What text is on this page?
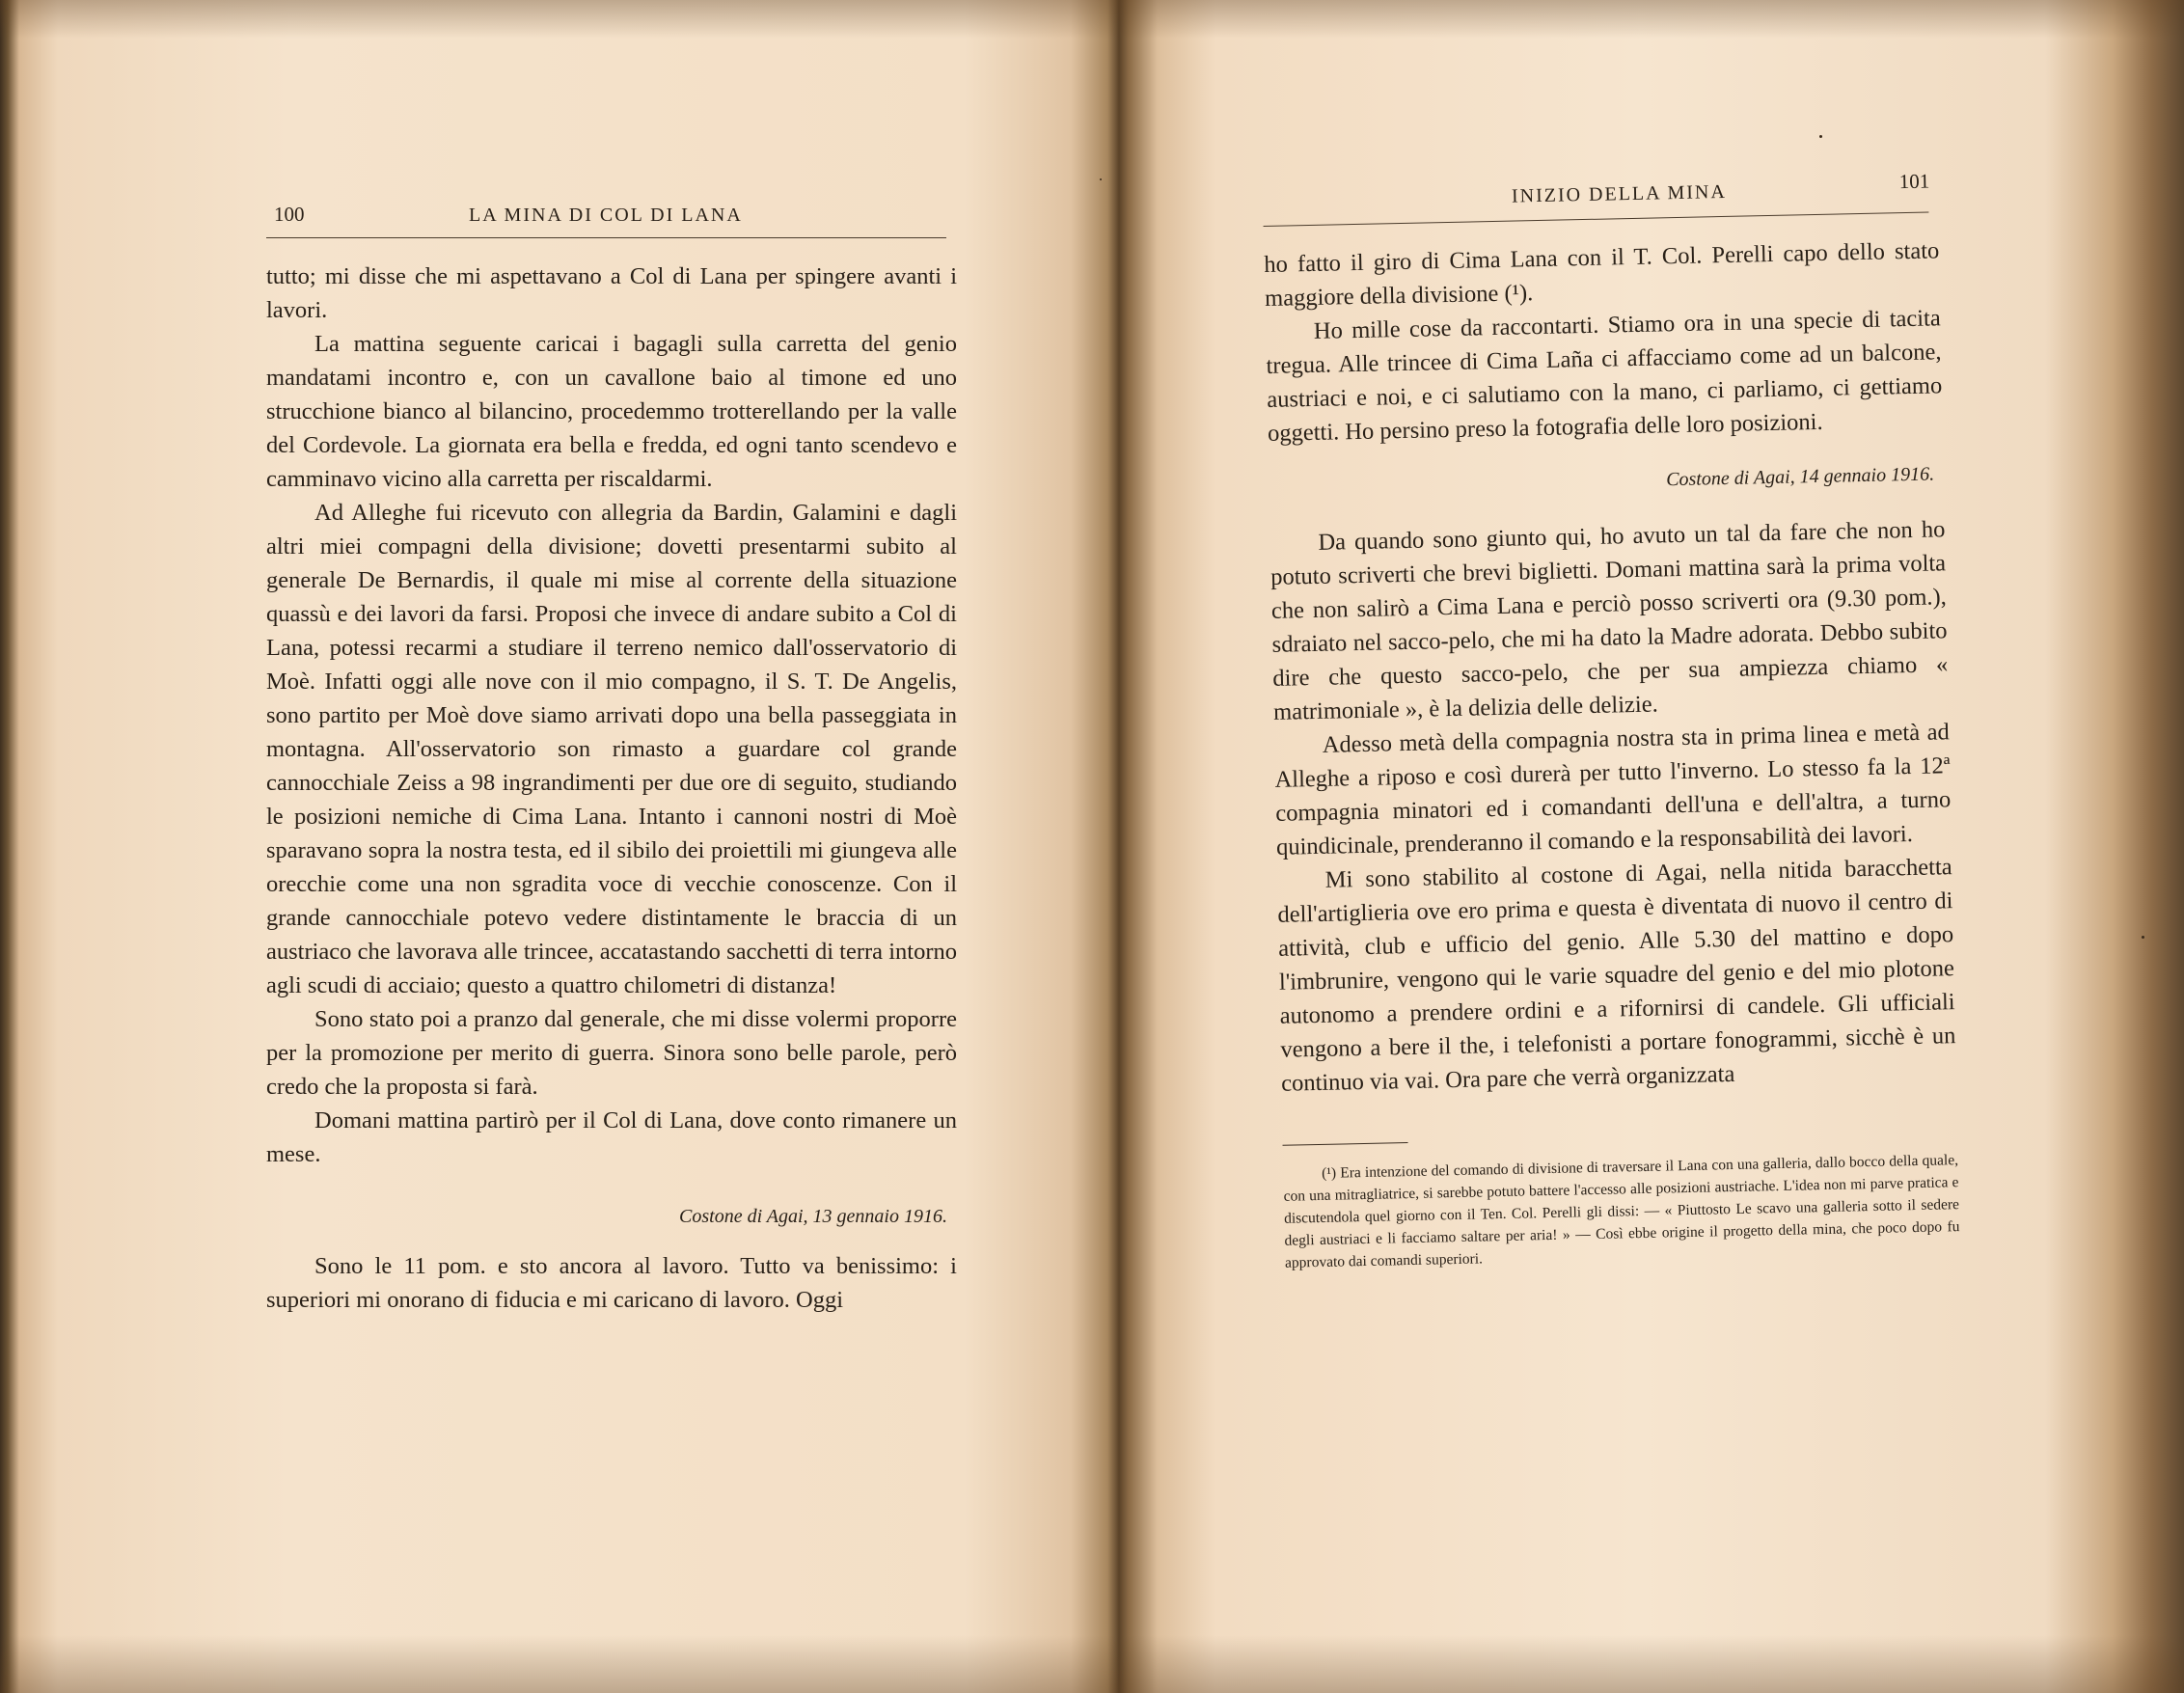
100	LA MINA DI COL DI LANA

tutto; mi disse che mi aspettavano a Col di Lana per spingere avanti i lavori.

La mattina seguente caricai i bagagli sulla carretta del genio mandatami incontro e, con un cavallone baio al timone ed uno strucchione bianco al bilancino, procedemmo trotterellando per la valle del Cordevole. La giornata era bella e fredda, ed ogni tanto scendevo e camminavo vicino alla carretta per riscaldarmi.

Ad Alleghe fui ricevuto con allegria da Bardin, Galamini e dagli altri miei compagni della divisione; dovetti presentarmi subito al generale De Bernardis, il quale mi mise al corrente della situazione quassù e dei lavori da farsi. Proposi che invece di andare subito a Col di Lana, potessi recarmi a studiare il terreno nemico dall'osservatorio di Moè. Infatti oggi alle nove con il mio compagno, il S. T. De Angelis, sono partito per Moè dove siamo arrivati dopo una bella passeggiata in montagna. All'osservatorio son rimasto a guardare col grande cannocchiale Zeiss a 98 ingrandimenti per due ore di seguito, studiando le posizioni nemiche di Cima Lana. Intanto i cannoni nostri di Moè sparavano sopra la nostra testa, ed il sibilo dei proiettili mi giungeva alle orecchie come una non sgradita voce di vecchie conoscenze. Con il grande cannocchiale potevo vedere distintamente le braccia di un austriaco che lavorava alle trincee, accatastando sacchetti di terra intorno agli scudi di acciaio; questo a quattro chilometri di distanza!

Sono stato poi a pranzo dal generale, che mi disse volermi proporre per la promozione per merito di guerra. Sinora sono belle parole, però credo che la proposta si farà.

Domani mattina partirò per il Col di Lana, dove conto rimanere un mese.

Costone di Agai, 13 gennaio 1916.

Sono le 11 pom. e sto ancora al lavoro. Tutto va benissimo: i superiori mi onorano di fiducia e mi caricano di lavoro. Oggi

INIZIO DELLA MINA
101

ho fatto il giro di Cima Lana con il T. Col. Perelli capo dello stato maggiore della divisione (¹).

Ho mille cose da raccontarti. Stiamo ora in una specie di tacita tregua. Alle trincee di Cima Laña ci affacciamo come ad un balcone, austriaci e noi, e ci salutiamo con la mano, ci parliamo, ci gettiamo oggetti. Ho persino preso la fotografia delle loro posizioni.

Costone di Agai, 14 gennaio 1916.

Da quando sono giunto qui, ho avuto un tal da fare che non ho potuto scriverti che brevi biglietti. Domani mattina sarà la prima volta che non salirò a Cima Lana e perciò posso scriverti ora (9.30 pom.), sdraiato nel sacco-pelo, che mi ha dato la Madre adorata. Debbo subito dire che questo sacco-pelo, che per sua ampiezza chiamo « matrimoniale », è la delizia delle delizie.

Adesso metà della compagnia nostra sta in prima linea e metà ad Alleghe a riposo e così durerà per tutto l'inverno. Lo stesso fa la 12ª compagnia minatori ed i comandanti dell'una e dell'altra, a turno quindicinale, prenderanno il comando e la responsabilità dei lavori.

Mi sono stabilito al costone di Agai, nella nitida baracchetta dell'artiglieria ove ero prima e questa è diventata di nuovo il centro di attività, club e ufficio del genio. Alle 5.30 del mattino e dopo l'imbrunire, vengono qui le varie squadre del genio e del mio plotone autonomo a prendere ordini e a rifornirsi di candele. Gli ufficiali vengono a bere il the, i telefonisti a portare fonogrammi, sicchè è un continuo via vai. Ora pare che verrà organizzata

(¹) Era intenzione del comando di divisione di traversare il Lana con una galleria, dallo bocco della quale, con una mitragliatrice, si sarebbe potuto battere l'accesso alle posizioni austriache. L'idea non mi parve pratica e discutendola quel giorno con il Ten. Col. Perelli gli dissi: — « Piuttosto Le scavo una galleria sotto il sedere degli austriaci e li facciamo saltare per aria! » — Così ebbe origine il progetto della mina, che poco dopo fu approvato dai comandi superiori.
